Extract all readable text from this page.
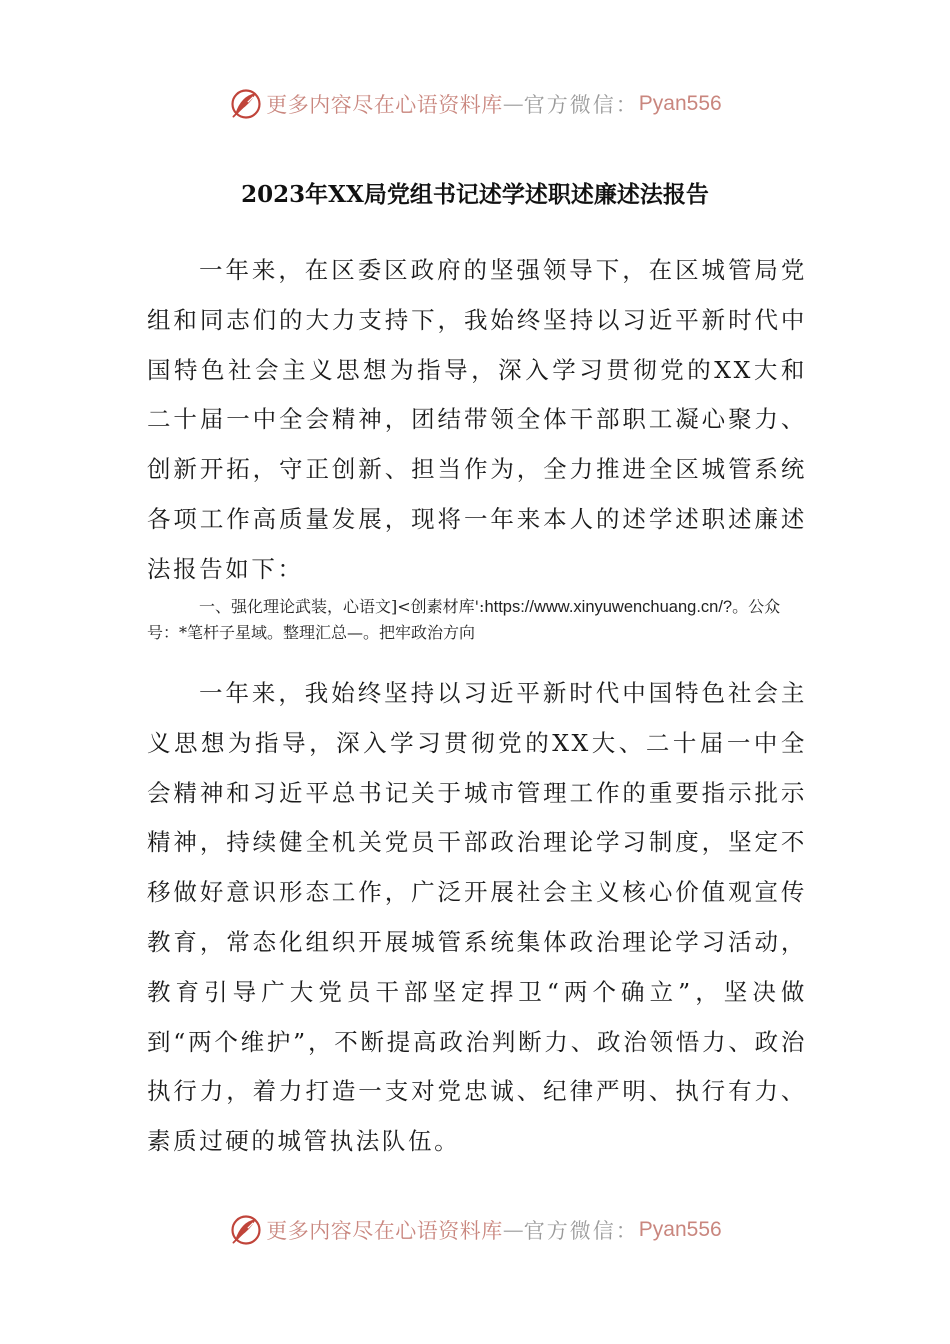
更多内容尽在心语资料库 — 官方微信： Pyan556
2023年XX局党组书记述学述职述廉述法报告

一年来，在区委区政府的坚强领导下，在区城管局党组和同志们的大力支持下，我始终坚持以习近平新时代中国特色社会主义思想为指导，深入学习贯彻党的XX大和二十届一中全会精神，团结带领全体干部职工凝心聚力、创新开拓，守正创新、担当作为，全力推进全区城管系统各项工作高质量发展，现将一年来本人的述学述职述廉述法报告如下：

一、强化理论武装，心语文]<创素材库':https://www.xinyuwenchuang.cn/?。公众号：*笔杆子星域。整理汇总—。把牢政治方向

一年来，我始终坚持以习近平新时代中国特色社会主义思想为指导，深入学习贯彻党的XX大、二十届一中全会精神和习近平总书记关于城市管理工作的重要指示批示精神，持续健全机关党员干部政治理论学习制度，坚定不移做好意识形态工作，广泛开展社会主义核心价值观宣传教育，常态化组织开展城管系统集体政治理论学习活动，教育引导广大党员干部坚定捍卫“两个确立”，坚决做到“两个维护”，不断提高政治判断力、政治领悟力、政治执行力，着力打造一支对党忠诚、纪律严明、执行有力、素质过硬的城管执法队伍。

更多内容尽在心语资料库 — 官方微信： Pyan556
